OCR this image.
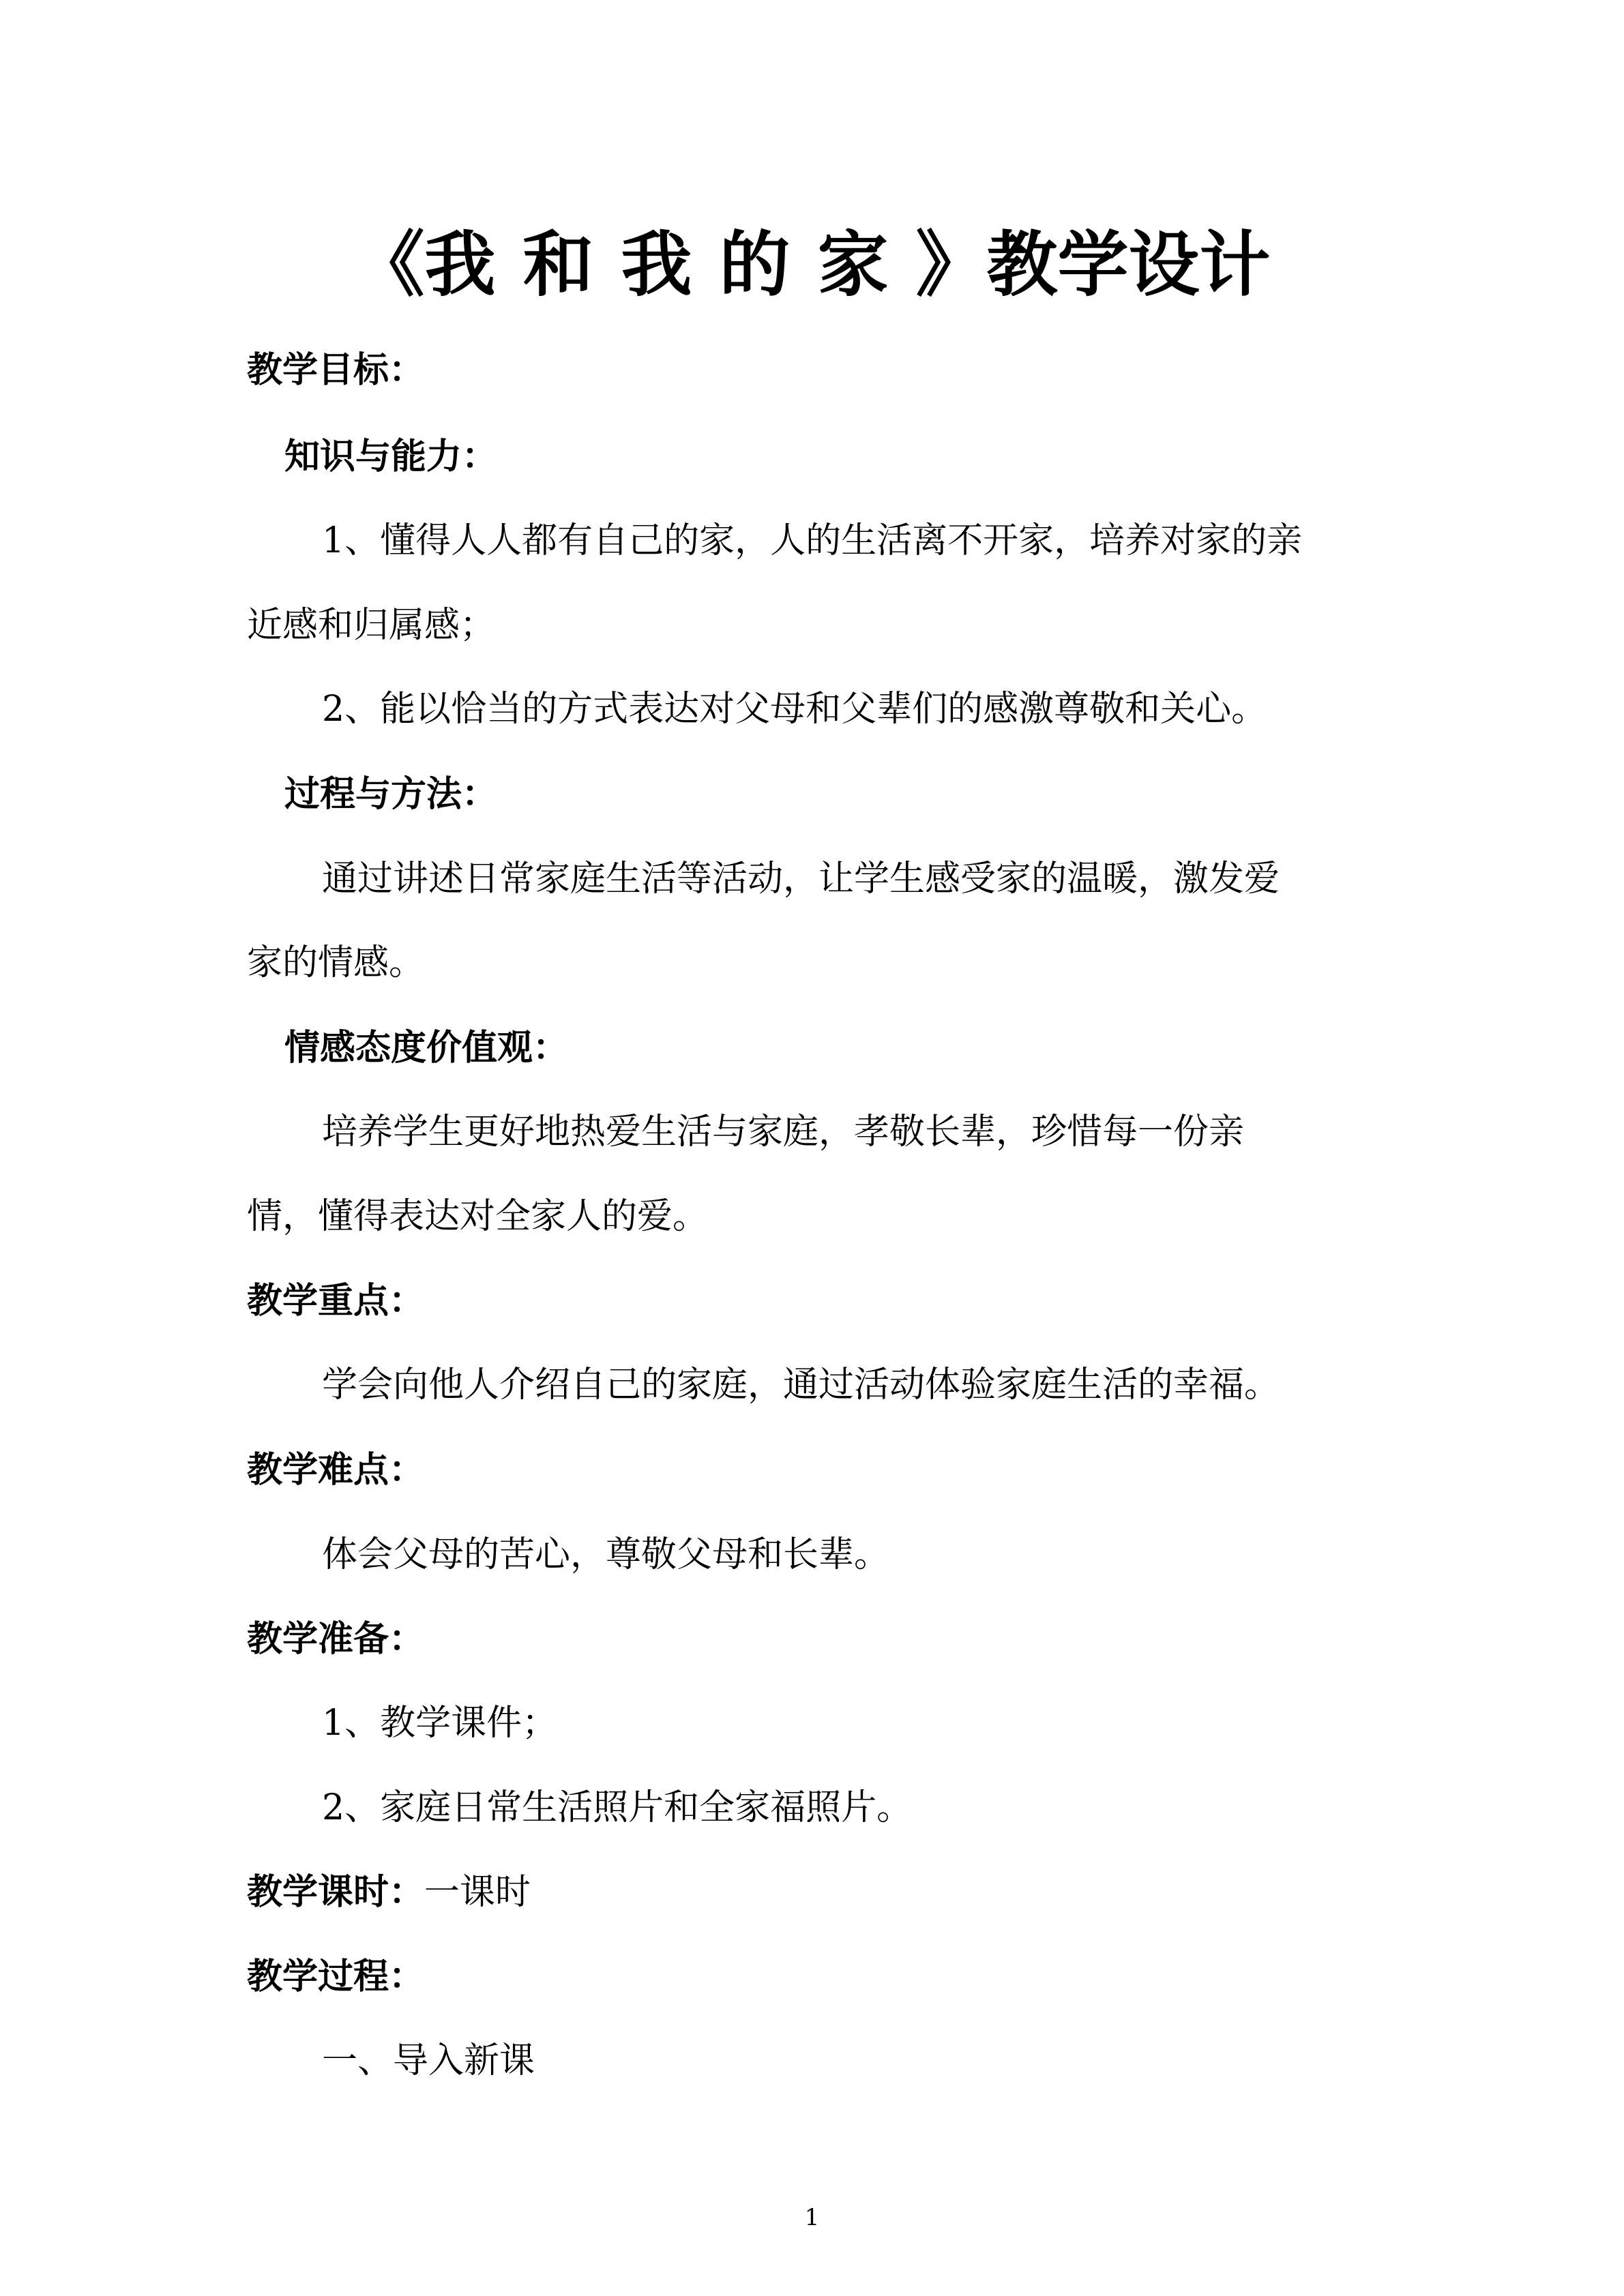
《我 和 我 的 家 》教学设计
教学目标：
知识与能力：
1、懂得人人都有自己的家，人的生活离不开家，培养对家的亲
近感和归属感；
2、能以恰当的方式表达对父母和父辈们的感激尊敬和关心。
过程与方法：
通过讲述日常家庭生活等活动，让学生感受家的温暖，激发爱
家的情感。
情感态度价值观：
培养学生更好地热爱生活与家庭，孝敬长辈，珍惜每一份亲
情，懂得表达对全家人的爱。
教学重点：
学会向他人介绍自己的家庭，通过活动体验家庭生活的幸福。
教学难点：
体会父母的苦心，尊敬父母和长辈。
教学准备：
1、教学课件；
2、家庭日常生活照片和全家福照片。
教学课时：一课时
教学过程：
一、导入新课
1
